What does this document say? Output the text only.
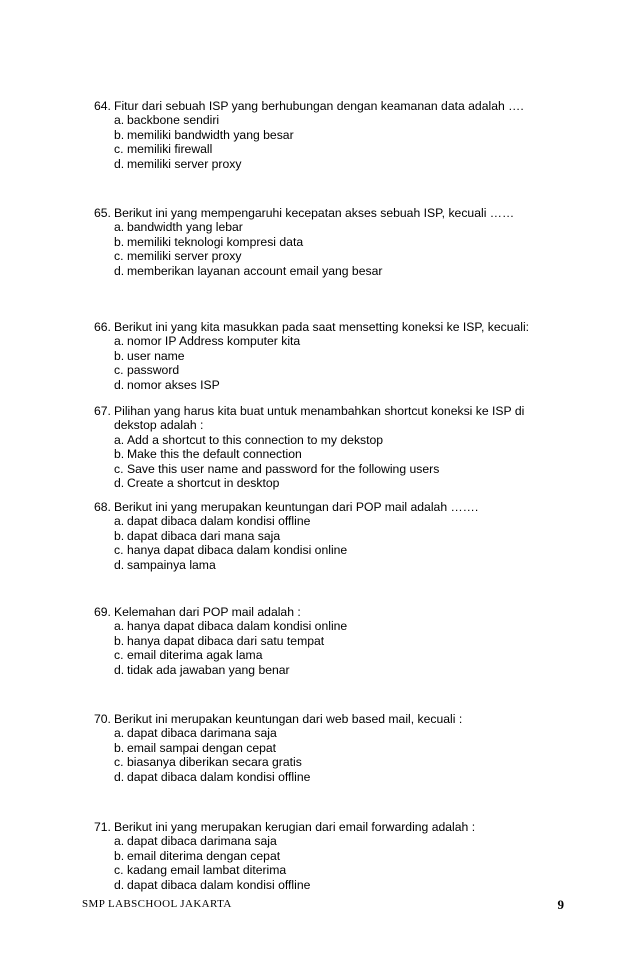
64. Fitur dari sebuah ISP yang berhubungan dengan keamanan data adalah ….
a. backbone sendiri
b. memiliki bandwidth yang besar
c. memiliki firewall
d. memiliki server proxy
65. Berikut ini yang mempengaruhi kecepatan akses sebuah ISP, kecuali ……
a. bandwidth yang lebar
b. memiliki teknologi kompresi data
c. memiliki server proxy
d. memberikan layanan account email yang besar
66. Berikut ini yang kita masukkan pada saat mensetting koneksi ke ISP, kecuali:
a. nomor IP Address komputer kita
b. user name
c. password
d. nomor akses ISP
67. Pilihan yang harus kita buat untuk menambahkan shortcut koneksi ke ISP di dekstop adalah :
a. Add a shortcut to this connection to my dekstop
b. Make this the default connection
c. Save this user name and password for the following users
d. Create a shortcut in desktop
68. Berikut ini yang merupakan keuntungan dari POP mail adalah …….
a. dapat dibaca dalam kondisi offline
b. dapat dibaca dari mana saja
c. hanya dapat dibaca dalam kondisi online
d. sampainya lama
69. Kelemahan dari POP mail adalah :
a. hanya dapat dibaca dalam kondisi online
b. hanya dapat dibaca dari satu tempat
c. email diterima agak lama
d. tidak ada jawaban yang benar
70. Berikut ini merupakan keuntungan dari web based mail, kecuali :
a. dapat dibaca darimana saja
b. email sampai dengan cepat
c. biasanya diberikan secara gratis
d. dapat dibaca dalam kondisi offline
71. Berikut ini yang merupakan kerugian dari email forwarding adalah :
a. dapat dibaca darimana saja
b. email diterima dengan cepat
c. kadang email lambat diterima
d. dapat dibaca dalam kondisi offline
SMP LABSCHOOL JAKARTA	9
